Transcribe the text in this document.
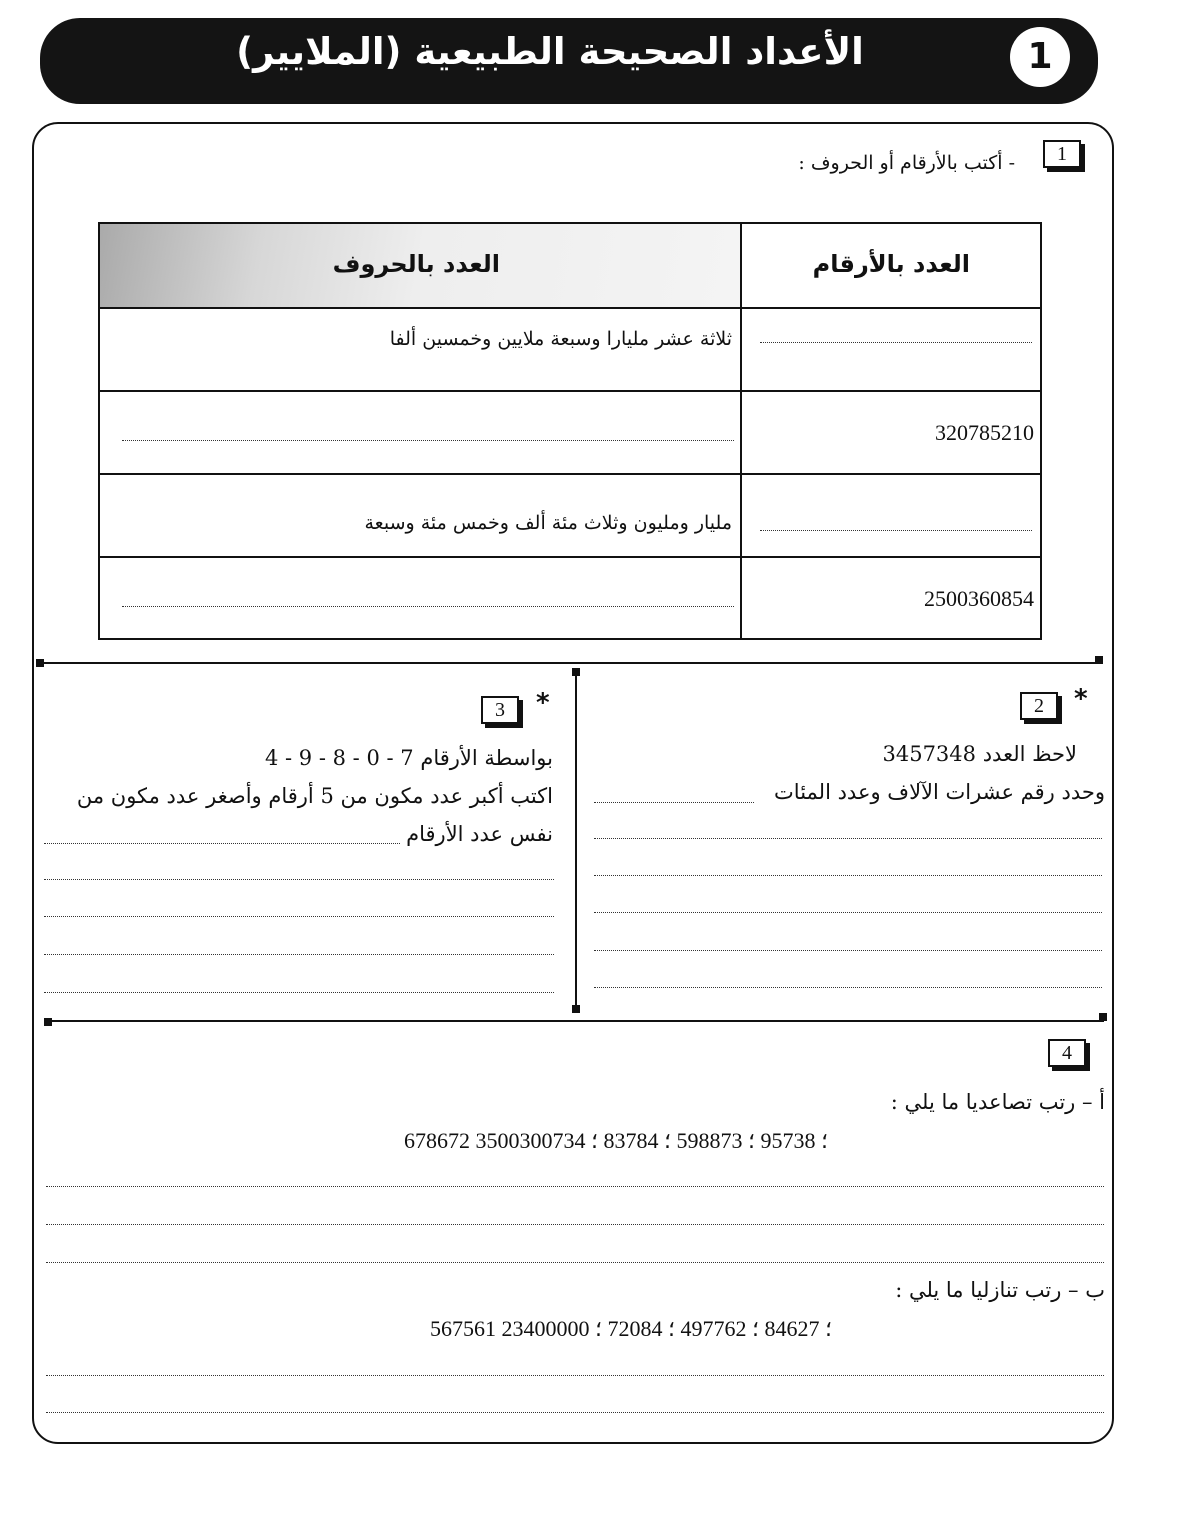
الأعداد الصحيحة الطبيعية (الملايير)	1
1
- أكتب بالأرقام أو الحروف :
العدد بالأرقام
العدد بالحروف
ثلاثة عشر مليارا وسبعة ملايين وخمسين ألفا
320785210
مليار ومليون وثلاث مئة ألف وخمس مئة وسبعة
2500360854
*
2
لاحظ العدد 3457348
وحدد رقم عشرات الآلاف وعدد المئات
*
3
بواسطة الأرقام 7 - 0 - 8 - 9 - 4
اكتب أكبر عدد مكون من 5 أرقام وأصغر عدد مكون من
نفس عدد الأرقام
4
أ – رتب تصاعديا ما يلي :
678672 ؛ 95738 ؛ 598873 ؛ 83784 ؛ 3500300734
ب – رتب تنازليا ما يلي :
567561 ؛ 84627 ؛ 497762 ؛ 72084 ؛ 23400000
